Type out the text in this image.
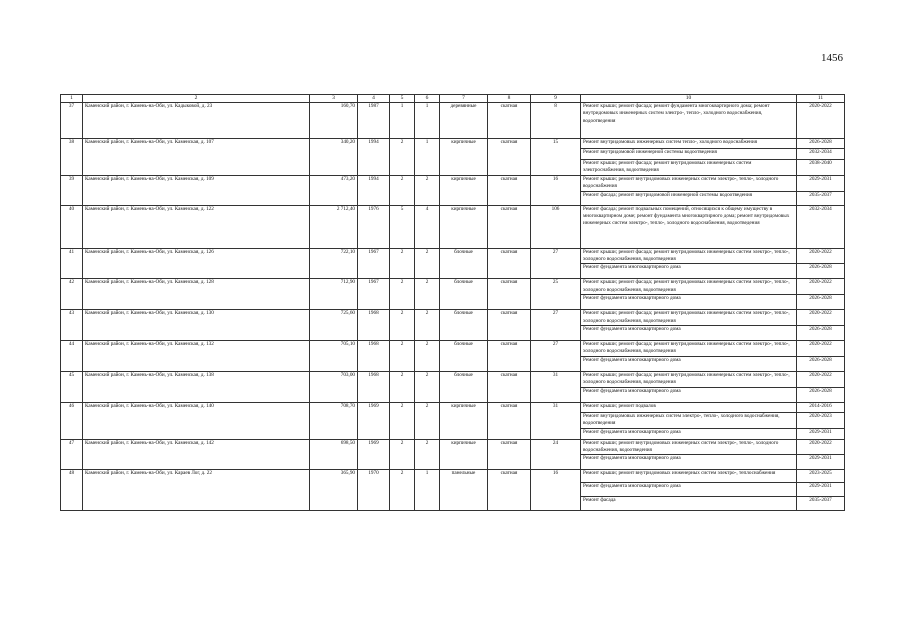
1456
1	2	3	4	5	6	7	8	9	10	11
37	Каменский район, г. Камень-на-Оби, ул. Кадыковой, д. 23	160,70	1987	1	1	деревянные	скатная	8	Ремонт крыши; ремонт фасада; ремонт фундамента многоквартирного дома; ремонт внутридомовых инженерных систем электро-, тепло-, холодного водоснабжения, водоотведения	2020-2022
38	Каменский район, г. Камень-на-Оби, ул. Каменская, д. 107	340,20	1994	2	1	кирпичные	скатная	15	Ремонт внутридомовых инженерных систем тепло-, холодного водоснабжения	2026-2028
									Ремонт внутридомовой инженерной системы водоотведения	2032-2034
									Ремонт крыши; ремонт фасада; ремонт внутридомовых инженерных систем электроснабжения, водоотведения	2038-2040
39	Каменский район, г. Камень-на-Оби, ул. Каменская, д. 109	473,20	1994	2	2	кирпичные	скатная	16	Ремонт крыши; ремонт внутридомовых инженерных систем электро-, тепло-, холодного водоснабжения	2029-2031
									Ремонт фасада; ремонт внутридомовой инженерной системы водоотведения	2035-2037
40	Каменский район, г. Камень-на-Оби, ул. Каменская, д. 122	2 712,40	1976	5	4	кирпичные	скатная	106	Ремонт фасада; ремонт подвальных помещений, относящихся к общему имуществу в многоквартирном доме; ремонт фундамента многоквартирного дома; ремонт внутридомовых инженерных систем электро-, тепло-, холодного водоснабжения, водоотведения	2032-2034
41	Каменский район, г. Камень-на-Оби, ул. Каменская, д. 126	722,10	1967	2	2	блочные	скатная	27	Ремонт крыши; ремонт фасада; ремонт внутридомовых инженерных систем электро-, тепло-, холодного водоснабжения, водоотведения	2020-2022
									Ремонт фундамента многоквартирного дома	2026-2028
42	Каменский район, г. Камень-на-Оби, ул. Каменская, д. 128	712,90	1967	2	2	блочные	скатная	25	Ремонт крыши; ремонт фасада; ремонт внутридомовых инженерных систем электро-, тепло-, холодного водоснабжения, водоотведения	2020-2022
									Ремонт фундамента многоквартирного дома	2026-2028
43	Каменский район, г. Камень-на-Оби, ул. Каменская, д. 130	725,60	1968	2	2	блочные	скатная	27	Ремонт крыши; ремонт фасада; ремонт внутридомовых инженерных систем электро-, тепло-, холодного водоснабжения, водоотведения	2020-2022
									Ремонт фундамента многоквартирного дома	2026-2028
44	Каменский район, г. Камень-на-Оби, ул. Каменская, д. 132	705,10	1968	2	2	блочные	скатная	27	Ремонт крыши; ремонт фасада; ремонт внутридомовых инженерных систем электро-, тепло-, холодного водоснабжения, водоотведения	2020-2022
									Ремонт фундамента многоквартирного дома	2026-2028
45	Каменский район, г. Камень-на-Оби, ул. Каменская, д. 138	703,00	1968	2	2	блочные	скатная	31	Ремонт крыши; ремонт фасада; ремонт внутридомовых инженерных систем электро-, тепло-, холодного водоснабжения, водоотведения	2020-2022
									Ремонт фундамента многоквартирного дома	2026-2028
46	Каменский район, г. Камень-на-Оби, ул. Каменская, д. 140	708,70	1969	2	2	кирпичные	скатная	31	Ремонт крыши; ремонт подвалов	2014-2016
									Ремонт внутридомовых инженерных систем электро-, тепло-, холодного водоснабжения, водоотведения	2020-2023
									Ремонт фундамента многоквартирного дома	2029-2031
47	Каменский район, г. Камень-на-Оби, ул. Каменская, д. 142	698,50	1969	2	2	кирпичные	скатная	24	Ремонт крыши; ремонт внутридомовых инженерных систем электро-, тепло-, холодного водоснабжения, водоотведения	2020-2022
									Ремонт фундамента многоквартирного дома	2029-2031
48	Каменский район, г. Камень-на-Оби, ул. Караев Лог, д. 22	365,90	1970	2	1	панельные	скатная	16	Ремонт крыши; ремонт внутридомовых инженерных систем электро-, теплоснабжения	2023-2025
									Ремонт фундамента многоквартирного дома	2029-2031
									Ремонт фасада	2035-2037
